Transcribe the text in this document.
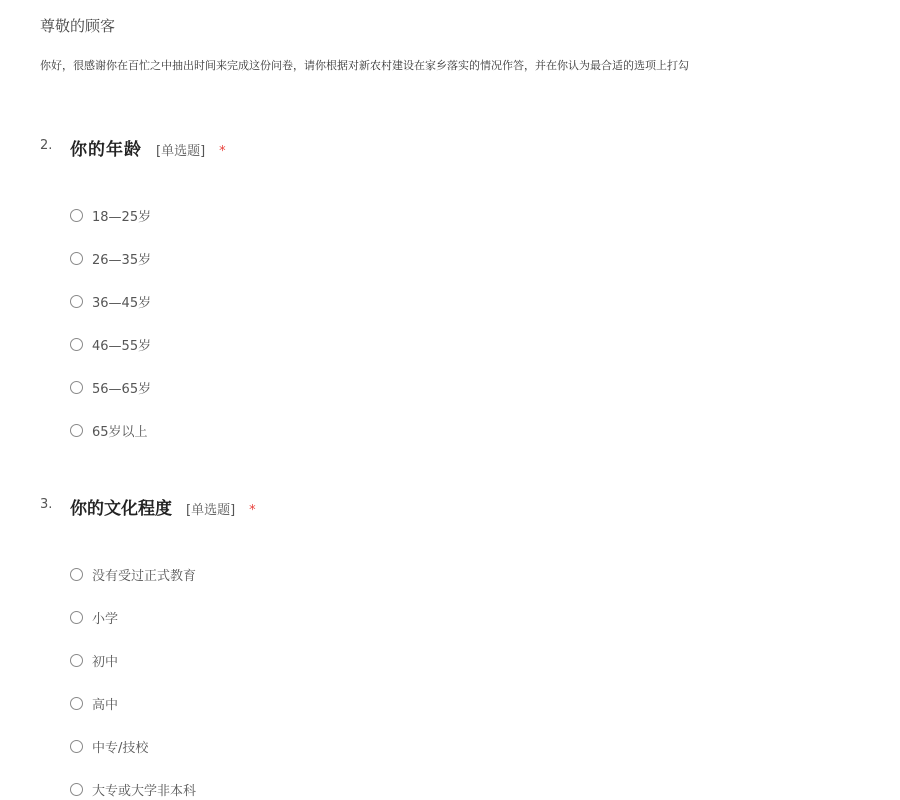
尊敬的顾客
你好，很感谢你在百忙之中抽出时间来完成这份问卷，请你根据对新农村建设在家乡落实的情况作答，并在你认为最合适的选项上打勾
2. 你的年龄 [单选题] *
18—25岁
26—35岁
36—45岁
46—55岁
56—65岁
65岁以上
3. 你的文化程度 [单选题] *
没有受过正式教育
小学
初中
高中
中专/技校
大专或大学非本科
